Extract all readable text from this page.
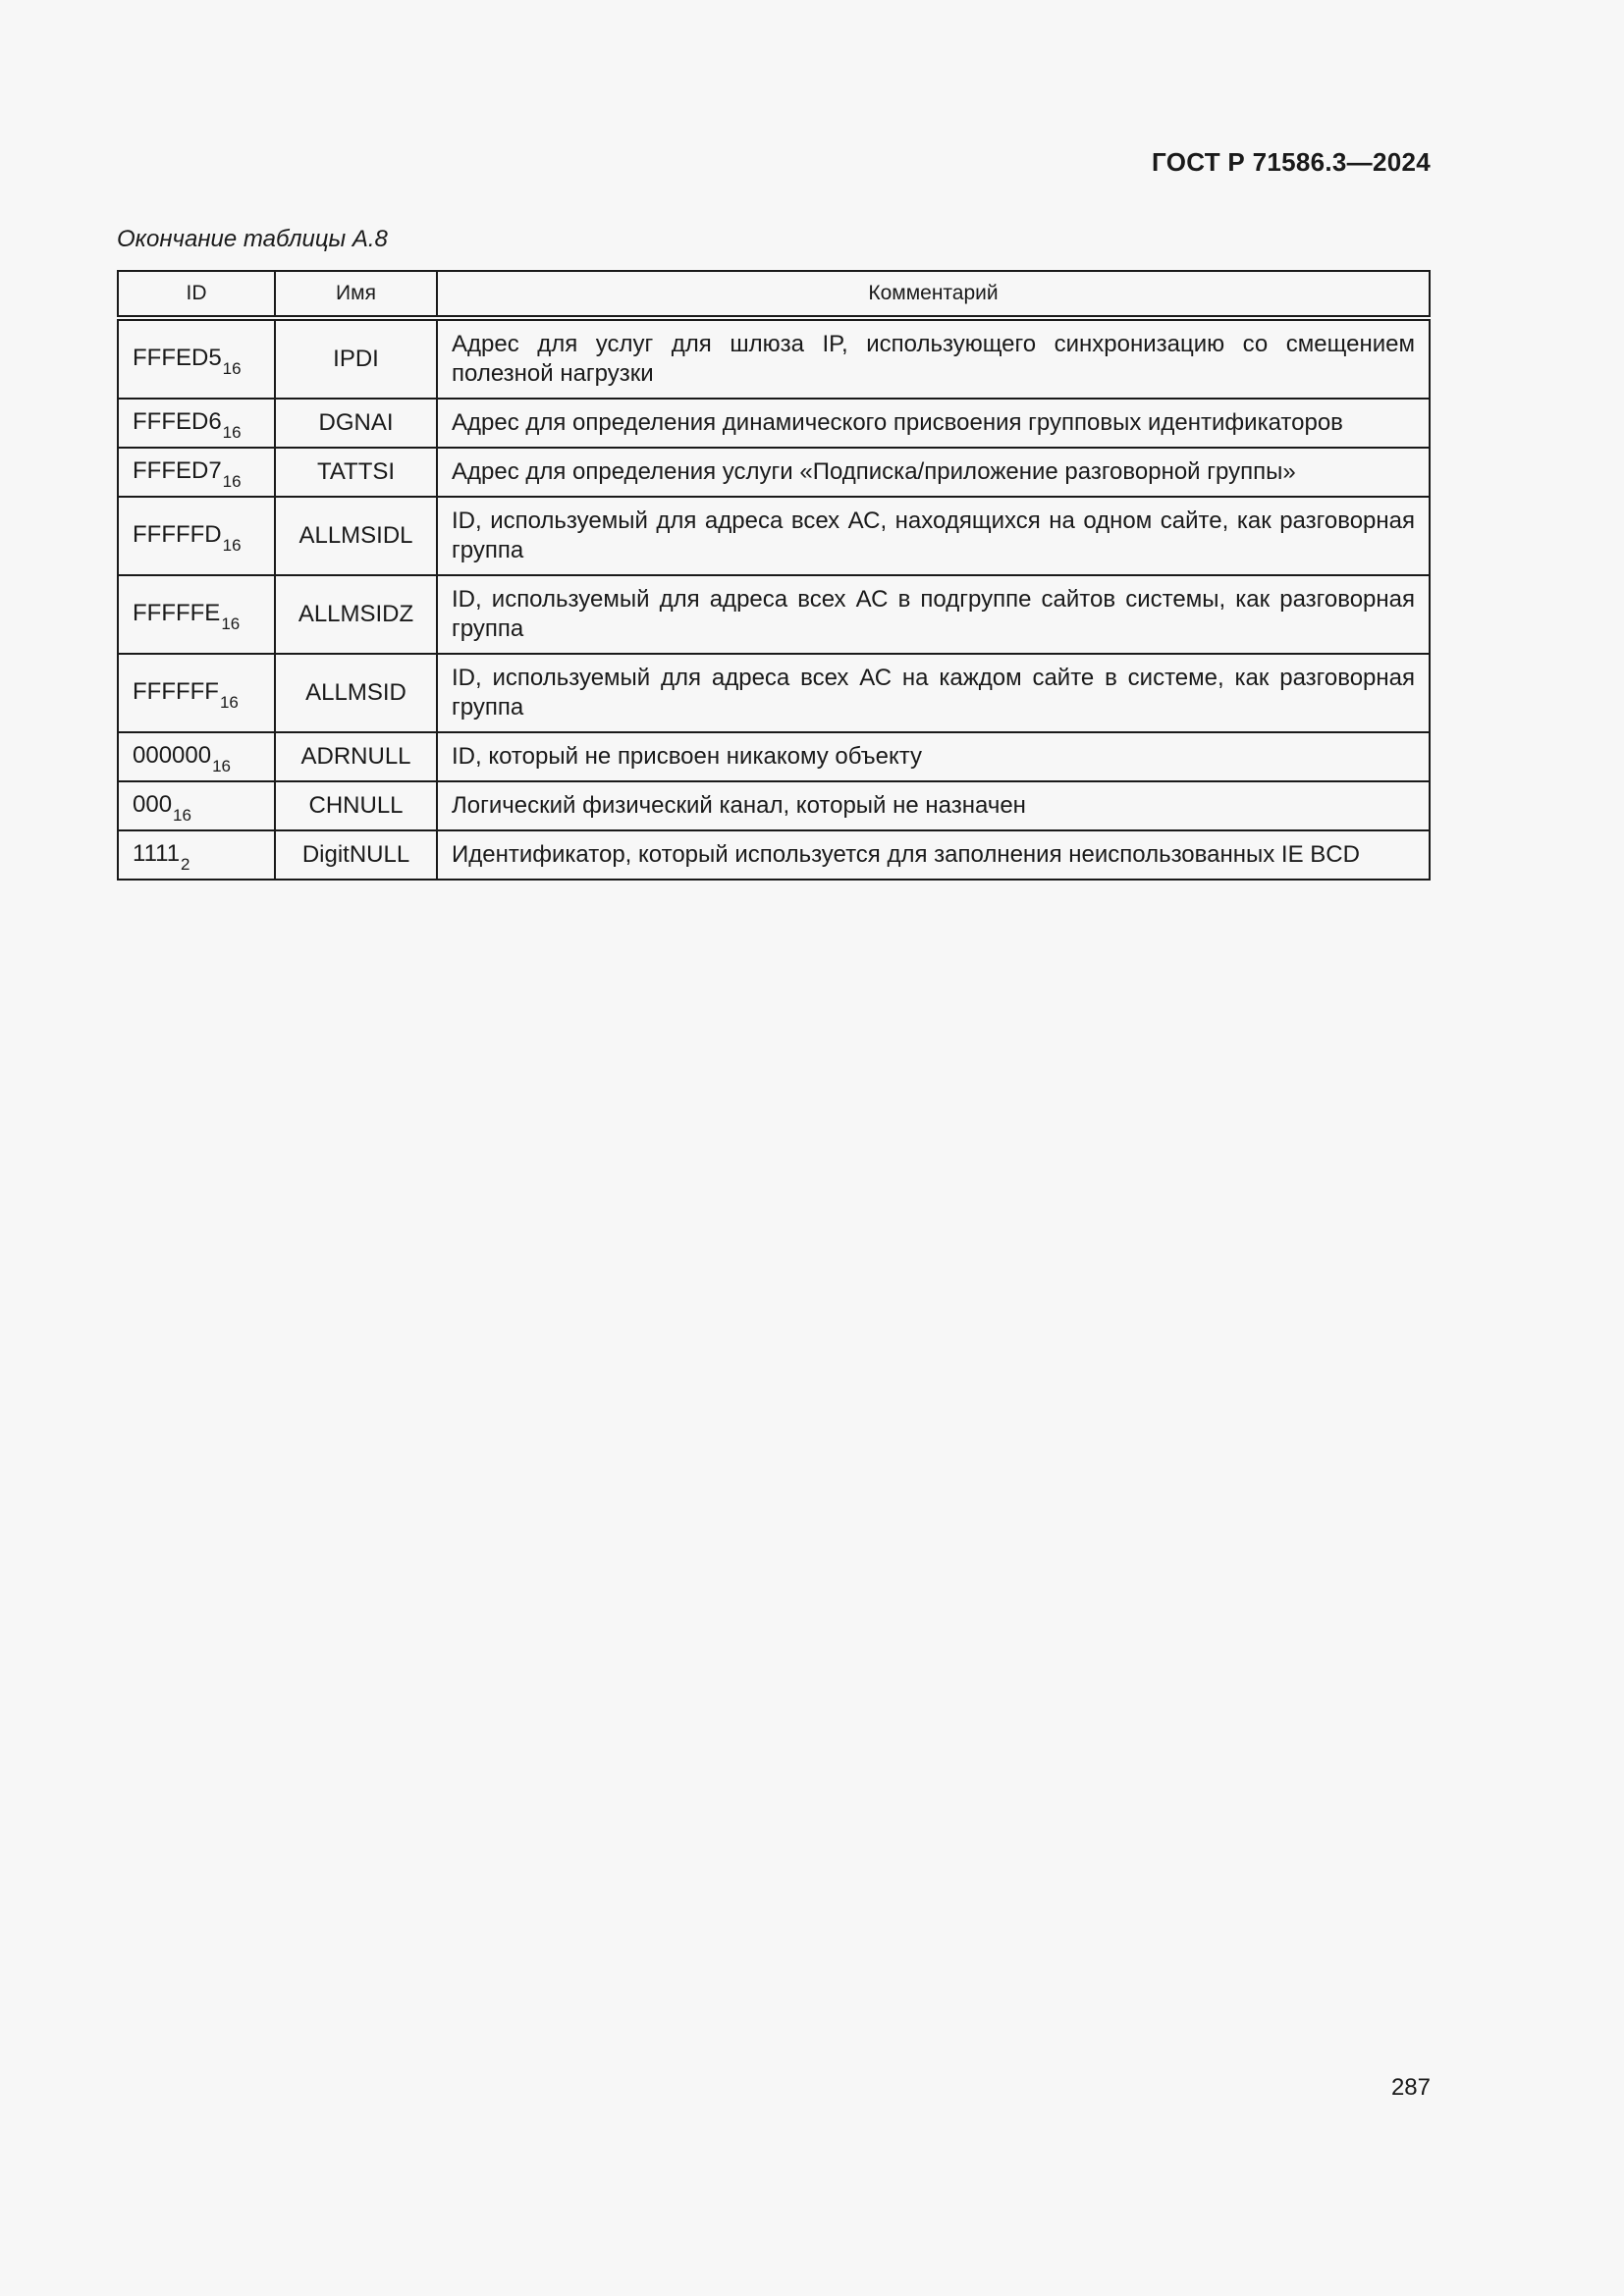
ГОСТ Р 71586.3—2024
Окончание таблицы А.8
ID	Имя	Комментарий
$FFFED5_{16}$	IPDI	Адрес для услуг для шлюза IP, использующего синхронизацию со смещением полезной нагрузки
$FFFED6_{16}$	DGNAI	Адрес для определения динамического присвоения групповых идентификаторов
$FFFED7_{16}$	TATTSI	Адрес для определения услуги «Подписка/приложение разговорной группы»
$FFFFFD_{16}$	ALLMSIDL	ID, используемый для адреса всех АС, находящихся на одном сайте, как разговорная группа
$FFFFFE_{16}$	ALLMSIDZ	ID, используемый для адреса всех АС в подгруппе сайтов системы, как разговорная группа
$FFFFFF_{16}$	ALLMSID	ID, используемый для адреса всех АС на каждом сайте в системе, как разговорная группа
$000000_{16}$	ADRNULL	ID, который не присвоен никакому объекту
$000_{16}$	CHNULL	Логический физический канал, который не назначен
$1111_2$	DigitNULL	Идентификатор, который используется для заполнения неиспользованных IE BCD
287
